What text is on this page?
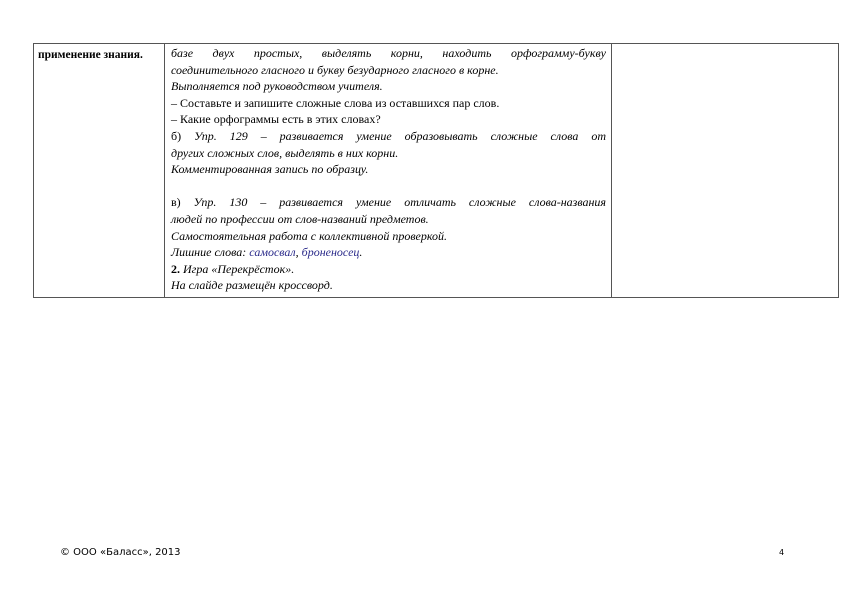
применение знания.	базе двух простых, выделять корни, находить орфограмму-букву
соединительного гласного и букву безударного гласного в корне.
Выполняется под руководством учителя.
– Составьте и запишите сложные слова из оставшихся пар слов.
– Какие орфограммы есть в этих словах?
б) Упр. 129 – развивается умение образовывать сложные слова от
других сложных слов, выделять в них корни.
Комментированная запись по образцу.
в) Упр. 130 – развивается умение отличать сложные слова-названия
людей по профессии от слов-названий предметов.
Самостоятельная работа с коллективной проверкой.
Лишние слова: самосвал, броненосец.
2. Игра «Перекрёсток».
На слайде размещён кроссворд.
© ООО «Баласс», 2013	4
